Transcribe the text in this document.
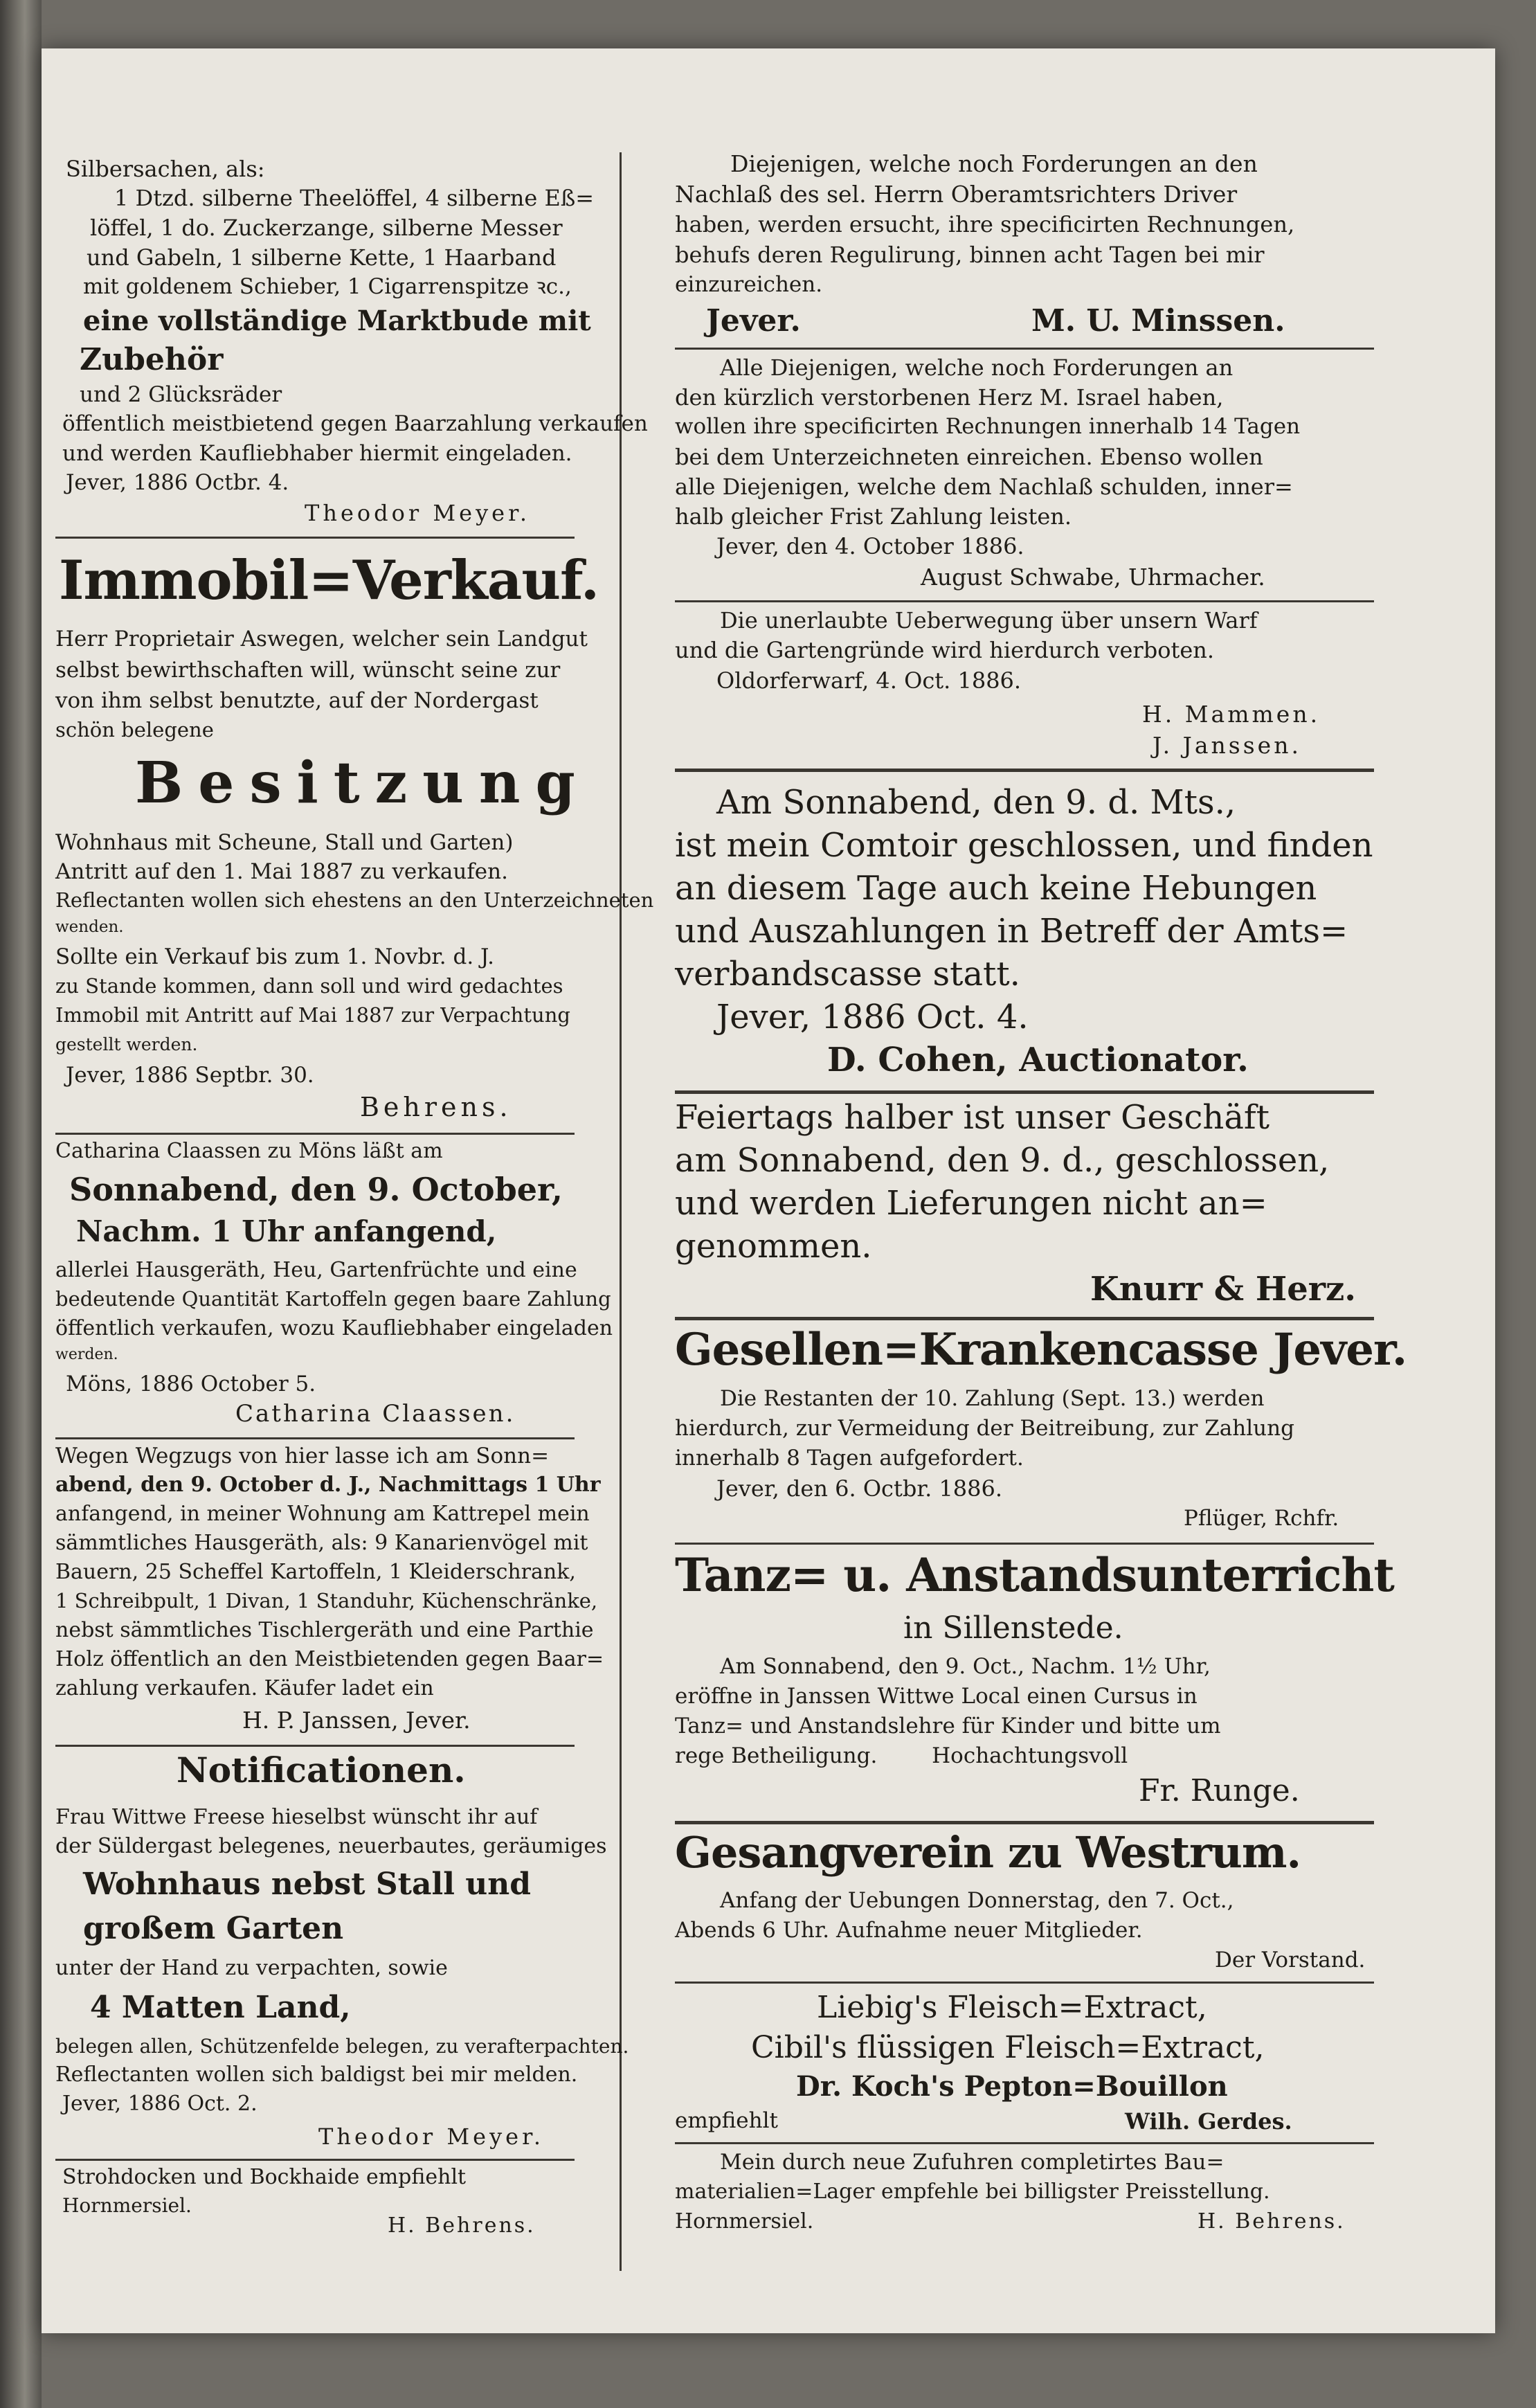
Silbersachen, als:
1 Dtzd. silberne Theelöffel, 4 silberne Eß=
löffel, 1 do. Zuckerzange, silberne Messer
und Gabeln, 1 silberne Kette, 1 Haarband
mit goldenem Schieber, 1 Cigarrenspitze ꝛc.,
eine vollständige Marktbude mit
Zubehör
und 2 Glücksräder
öffentlich meistbietend gegen Baarzahlung verkaufen
und werden Kaufliebhaber hiermit eingeladen.
Jever, 1886 Octbr. 4.
Theodor Meyer.
Immobil=Verkauf.
Herr Proprietair Aswegen, welcher sein Landgut
selbst bewirthschaften will, wünscht seine zur
von ihm selbst benutzte, auf der Nordergast
schön belegene
Besitzung
Wohnhaus mit Scheune, Stall und Garten)
Antritt auf den 1. Mai 1887 zu verkaufen.
Reflectanten wollen sich ehestens an den Unterzeichneten
wenden.
Sollte ein Verkauf bis zum 1. Novbr. d. J.
zu Stande kommen, dann soll und wird gedachtes
Immobil mit Antritt auf Mai 1887 zur Verpachtung
gestellt werden.
Jever, 1886 Septbr. 30.
Behrens.
Catharina Claassen zu Möns läßt am
Sonnabend, den 9. October,
Nachm. 1 Uhr anfangend,
allerlei Hausgeräth, Heu, Gartenfrüchte und eine
bedeutende Quantität Kartoffeln gegen baare Zahlung
öffentlich verkaufen, wozu Kaufliebhaber eingeladen
werden.
Möns, 1886 October 5.
Catharina Claassen.
Wegen Wegzugs von hier lasse ich am Sonn=
abend, den 9. October d. J., Nachmittags 1 Uhr
anfangend, in meiner Wohnung am Kattrepel mein
sämmtliches Hausgeräth, als: 9 Kanarienvögel mit
Bauern, 25 Scheffel Kartoffeln, 1 Kleiderschrank,
1 Schreibpult, 1 Divan, 1 Standuhr, Küchenschränke,
nebst sämmtliches Tischlergeräth und eine Parthie
Holz öffentlich an den Meistbietenden gegen Baar=
zahlung verkaufen. Käufer ladet ein
H. P. Janssen, Jever.
Notificationen.
Frau Wittwe Freese hieselbst wünscht ihr auf
der Süldergast belegenes, neuerbautes, geräumiges
Wohnhaus nebst Stall und
großem Garten
unter der Hand zu verpachten, sowie
4 Matten Land,
belegen allen, Schützenfelde belegen, zu verafterpachten.
Reflectanten wollen sich baldigst bei mir melden.
Jever, 1886 Oct. 2.
Theodor Meyer.
Strohdocken und Bockhaide empfiehlt
Hornmersiel.
H. Behrens.
Diejenigen, welche noch Forderungen an den
Nachlaß des sel. Herrn Oberamtsrichters Driver
haben, werden ersucht, ihre specificirten Rechnungen,
behufs deren Regulirung, binnen acht Tagen bei mir
einzureichen.
Jever.	M. U. Minssen.
Alle Diejenigen, welche noch Forderungen an
den kürzlich verstorbenen Herz M. Israel haben,
wollen ihre specificirten Rechnungen innerhalb 14 Tagen
bei dem Unterzeichneten einreichen. Ebenso wollen
alle Diejenigen, welche dem Nachlaß schulden, inner=
halb gleicher Frist Zahlung leisten.
Jever, den 4. October 1886.
August Schwabe, Uhrmacher.
Die unerlaubte Ueberwegung über unsern Warf
und die Gartengründe wird hierdurch verboten.
Oldorferwarf, 4. Oct. 1886.
H. Mammen.
J. Janssen.
Am Sonnabend, den 9. d. Mts.,
ist mein Comtoir geschlossen, und finden
an diesem Tage auch keine Hebungen
und Auszahlungen in Betreff der Amts=
verbandscasse statt.
Jever, 1886 Oct. 4.
D. Cohen, Auctionator.
Feiertags halber ist unser Geschäft
am Sonnabend, den 9. d., geschlossen,
und werden Lieferungen nicht an=
genommen.
Knurr & Herz.
Gesellen=Krankencasse Jever.
Die Restanten der 10. Zahlung (Sept. 13.) werden
hierdurch, zur Vermeidung der Beitreibung, zur Zahlung
innerhalb 8 Tagen aufgefordert.
Jever, den 6. Octbr. 1886.
Pflüger, Rchfr.
Tanz= u. Anstandsunterricht
in Sillenstede.
Am Sonnabend, den 9. Oct., Nachm. 1½ Uhr,
eröffne in Janssen Wittwe Local einen Cursus in
Tanz= und Anstandslehre für Kinder und bitte um
rege Betheiligung.        Hochachtungsvoll
Fr. Runge.
Gesangverein zu Westrum.
Anfang der Uebungen Donnerstag, den 7. Oct.,
Abends 6 Uhr. Aufnahme neuer Mitglieder.
Der Vorstand.
Liebig's Fleisch=Extract,
Cibil's flüssigen Fleisch=Extract,
Dr. Koch's Pepton=Bouillon
empfiehlt	Wilh. Gerdes.
Mein durch neue Zufuhren completirtes Bau=
materialien=Lager empfehle bei billigster Preisstellung.
Hornmersiel.	H. Behrens.
